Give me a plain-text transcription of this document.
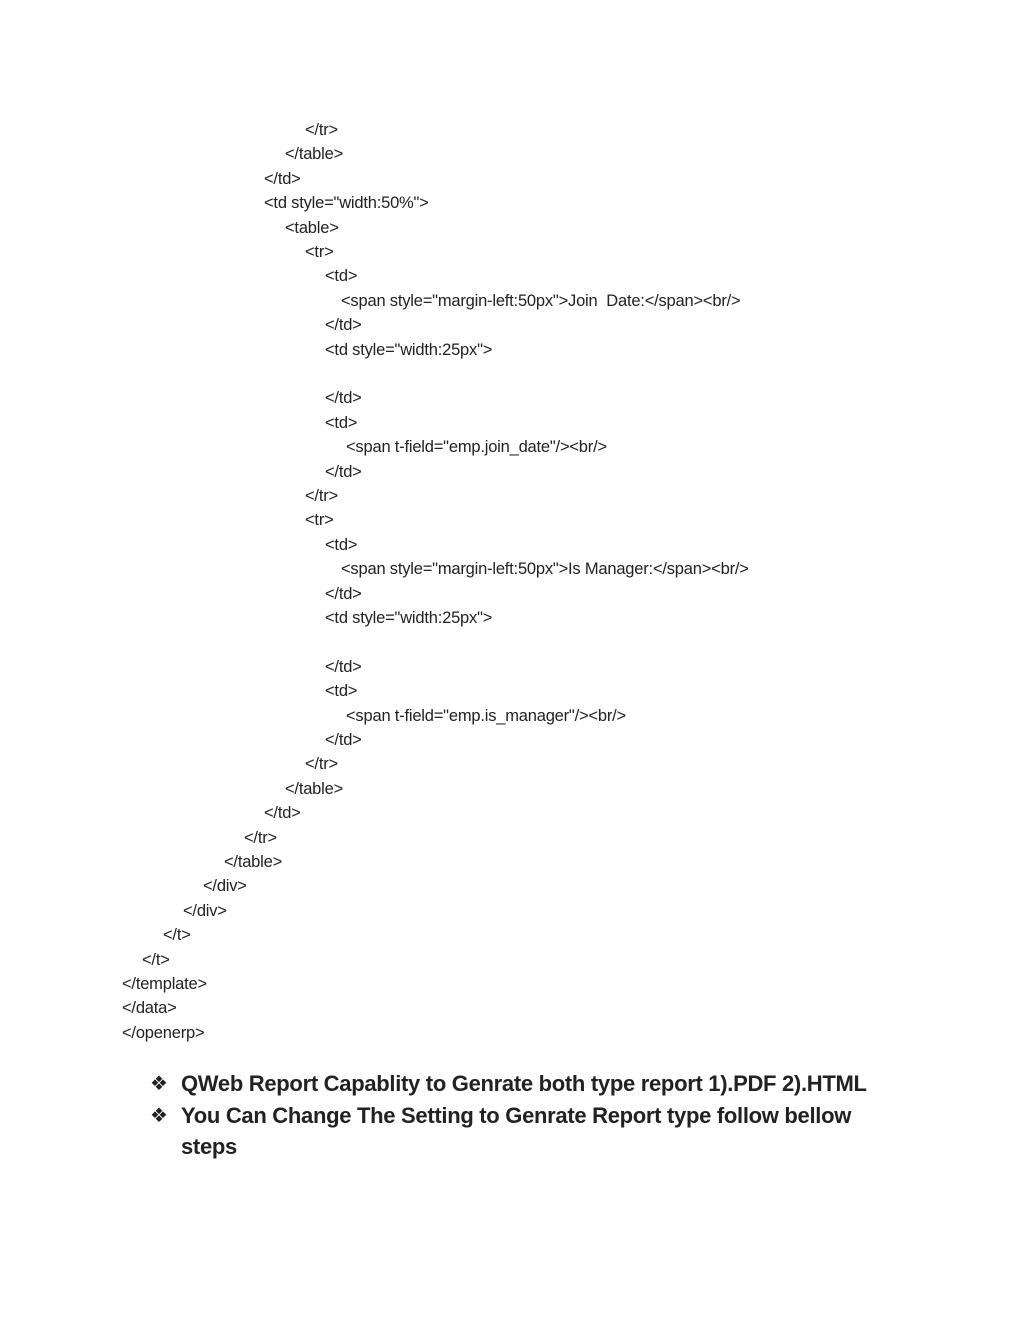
</tr>
</table>
</td>
<td style="width:50%">
<table>
<tr>
<td>
<span style="margin-left:50px">Join  Date:</span><br/>
</td>
<td style="width:25px">
</td>
<td>
<span t-field="emp.join_date"/><br/>
</td>
</tr>
<tr>
<td>
<span style="margin-left:50px">Is Manager:</span><br/>
</td>
<td style="width:25px">
</td>
<td>
<span t-field="emp.is_manager"/><br/>
</td>
</tr>
</table>
</td>
</tr>
</table>
</div>
</div>
</t>
</t>
</template>
</data>
</openerp>
❖ QWeb Report Capablity to Genrate both type report 1).PDF 2).HTML
❖ You Can Change The Setting to Genrate Report type follow bellow steps
